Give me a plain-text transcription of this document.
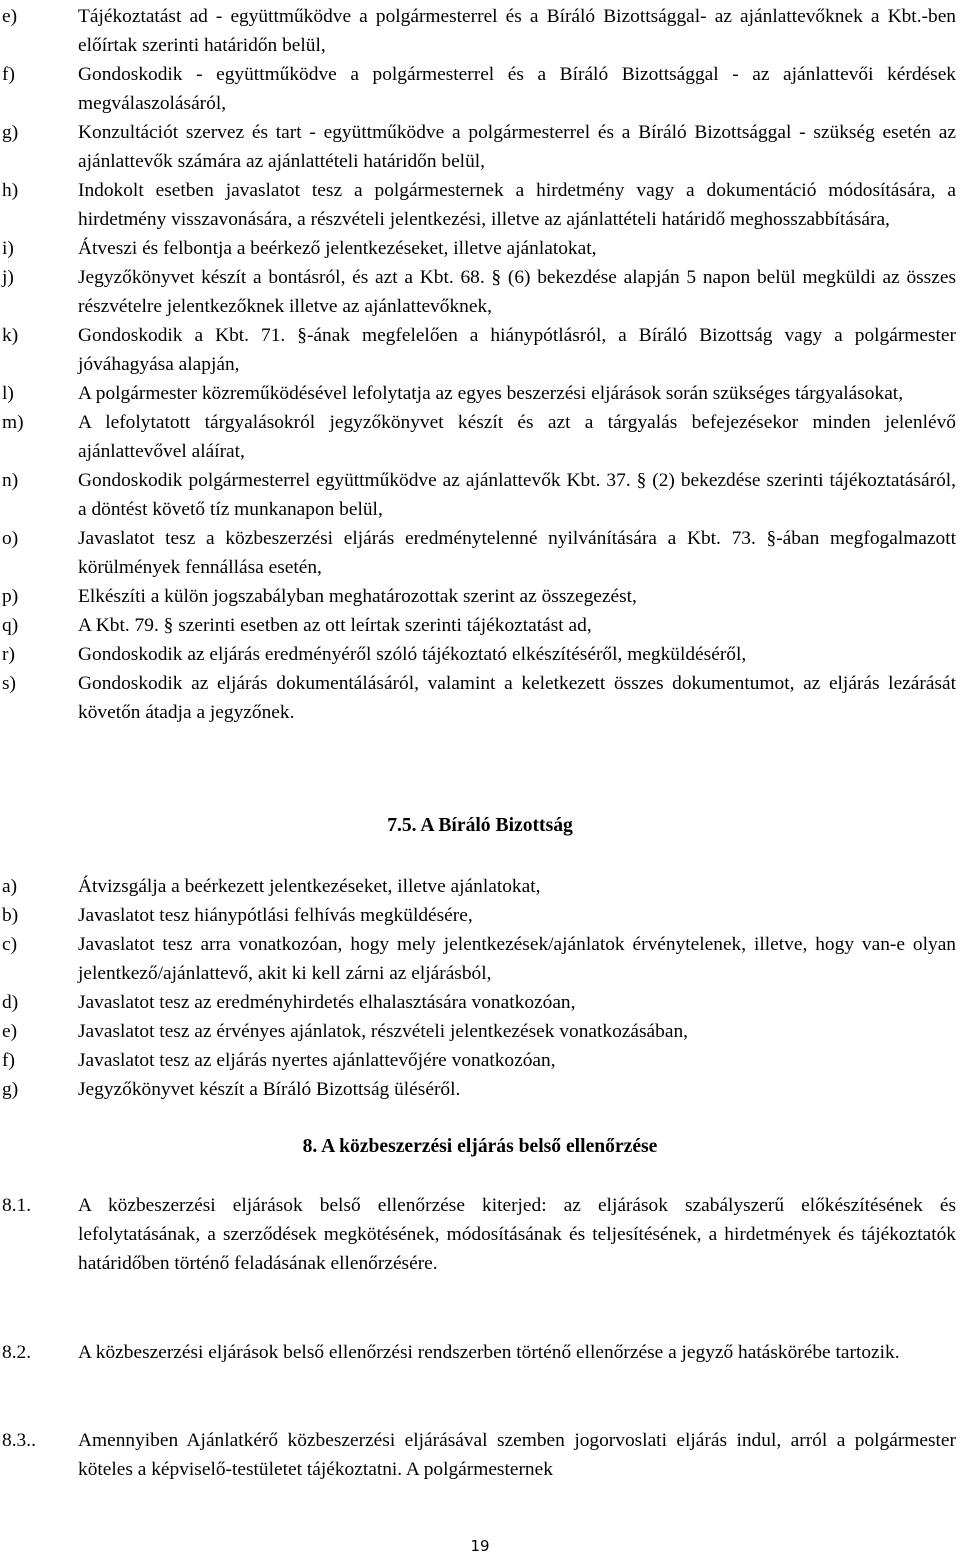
e)	Tájékoztatást ad - együttműködve a polgármesterrel és a Bíráló Bizottsággal- az ajánlattevőknek a Kbt.-ben előírtak szerinti határidőn belül,
f)	Gondoskodik - együttműködve a polgármesterrel és a Bíráló Bizottsággal - az ajánlattevői kérdések megválaszolásáról,
g)	Konzultációt szervez és tart - együttműködve a polgármesterrel és a Bíráló Bizottsággal - szükség esetén az ajánlattevők számára az ajánlattételi határidőn belül,
h)	Indokolt esetben javaslatot tesz a polgármesternek a hirdetmény vagy a dokumentáció módosítására, a hirdetmény visszavonására, a részvételi jelentkezési, illetve az ajánlattételi határidő meghosszabbítására,
i)	Átveszi és felbontja a beérkező jelentkezéseket, illetve ajánlatokat,
j)	Jegyzőkönyvet készít a bontásról, és azt a Kbt. 68. § (6) bekezdése alapján 5 napon belül megküldi az összes részvételre jelentkezőknek illetve az ajánlattevőknek,
k)	Gondoskodik a Kbt. 71. §-ának megfelelően a hiánypótlásról, a Bíráló Bizottság vagy a polgármester jóváhagyása alapján,
l)	A polgármester közreműködésével lefolytatja az egyes beszerzési eljárások során szükséges tárgyalásokat,
m)	A lefolytatott tárgyalásokról jegyzőkönyvet készít és azt a tárgyalás befejezésekor minden jelenlévő ajánlattevővel aláírat,
n)	Gondoskodik polgármesterrel együttműködve az ajánlattevők Kbt. 37. § (2) bekezdése szerinti tájékoztatásáról, a döntést követő tíz munkanapon belül,
o)	Javaslatot tesz a közbeszerzési eljárás eredménytelenné nyilvánítására a Kbt. 73. §-ában megfogalmazott körülmények fennállása esetén,
p)	Elkészíti a külön jogszabályban meghatározottak szerint az összegezést,
q)	A Kbt. 79. § szerinti esetben az ott leírtak szerinti tájékoztatást ad,
r)	Gondoskodik az eljárás eredményéről szóló tájékoztató elkészítéséről, megküldéséről,
s)	Gondoskodik az eljárás dokumentálásáról, valamint a keletkezett összes dokumentumot, az eljárás lezárását követőn átadja a jegyzőnek.
7.5. A Bíráló Bizottság
a)	Átvizsgálja a beérkezett jelentkezéseket, illetve ajánlatokat,
b)	Javaslatot tesz hiánypótlási felhívás megküldésére,
c)	Javaslatot tesz arra vonatkozóan, hogy mely jelentkezések/ajánlatok érvénytelenek, illetve, hogy van-e olyan jelentkező/ajánlattevő, akit ki kell zárni az eljárásból,
d)	Javaslatot tesz az eredményhirdetés elhalasztására vonatkozóan,
e)	Javaslatot tesz az érvényes ajánlatok, részvételi jelentkezések vonatkozásában,
f)	Javaslatot tesz az eljárás nyertes ajánlattevőjére vonatkozóan,
g)	Jegyzőkönyvet készít a Bíráló Bizottság üléséről.
8. A közbeszerzési eljárás belső ellenőrzése
8.1. A közbeszerzési eljárások belső ellenőrzése kiterjed: az eljárások szabályszerű előkészítésének és lefolytatásának, a szerződések megkötésének, módosításának és teljesítésének, a hirdetmények és tájékoztatók határidőben történő feladásának ellenőrzésére.
8.2. A közbeszerzési eljárások belső ellenőrzési rendszerben történő ellenőrzése a jegyző hatáskörébe tartozik.
8.3.. Amennyiben Ajánlatkérő közbeszerzési eljárásával szemben jogorvoslati eljárás indul, arról a polgármester köteles a képviselő-testületet tájékoztatni. A polgármesternek
19
